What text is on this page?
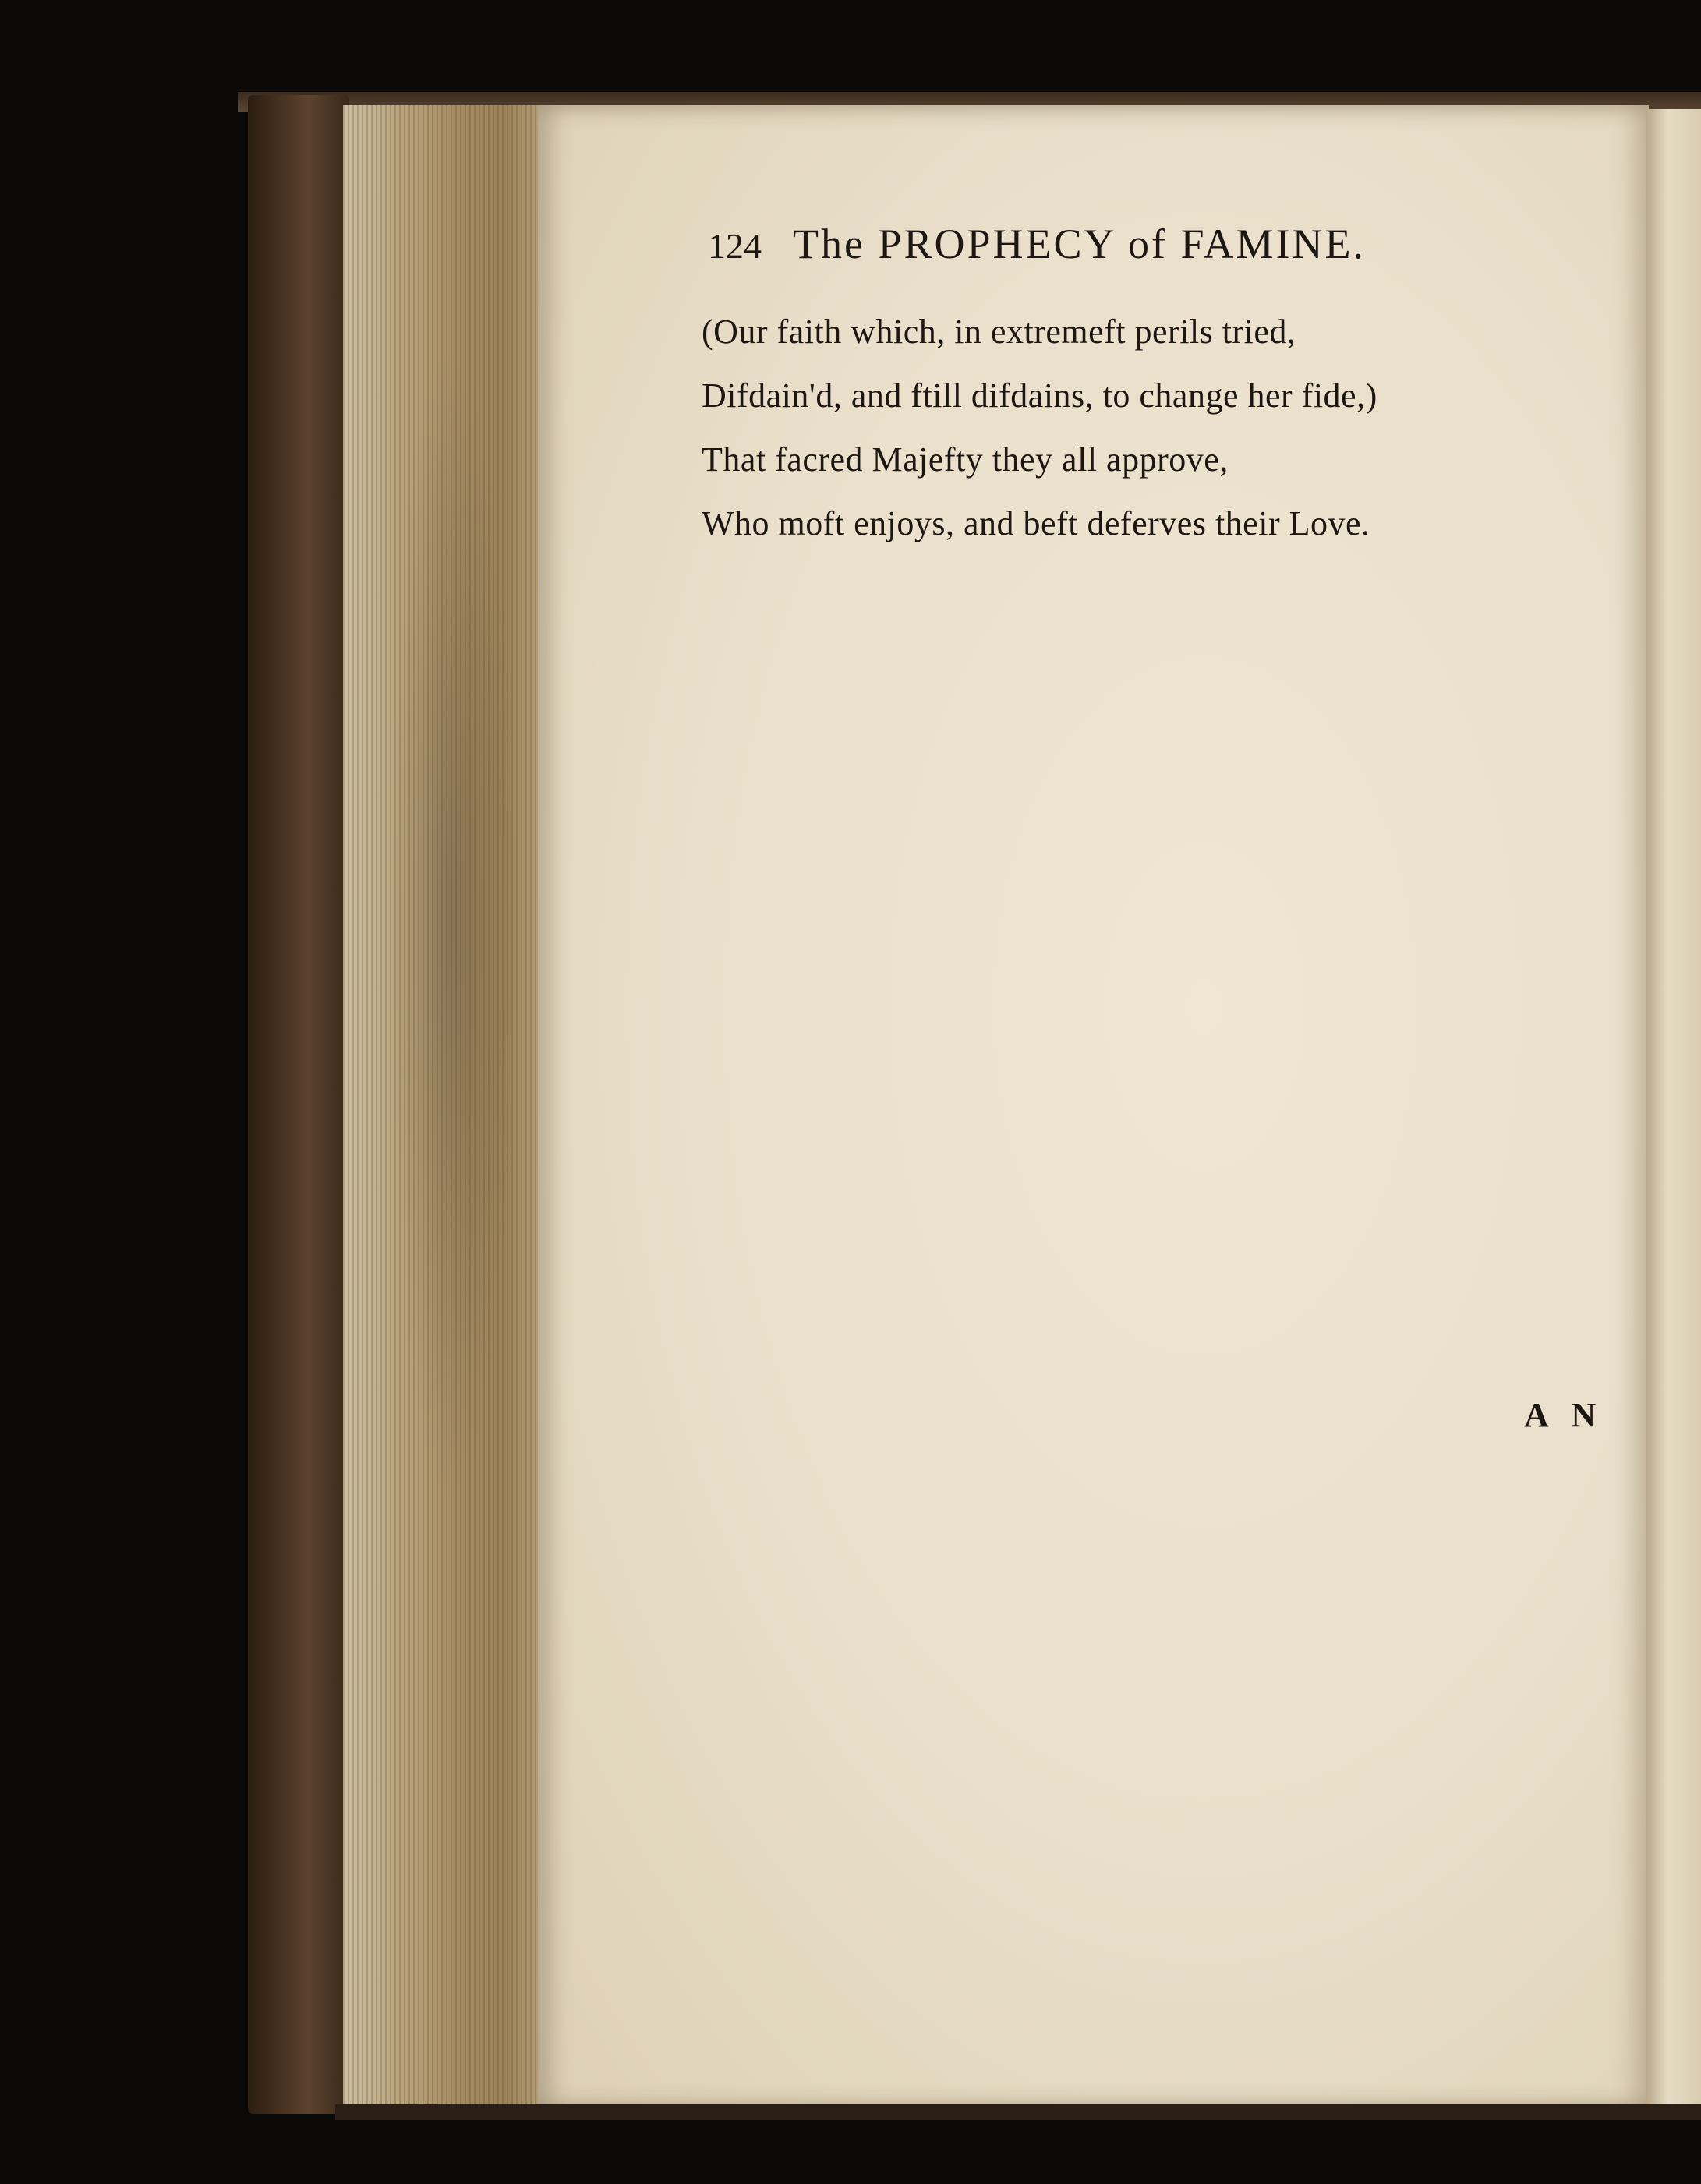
124 The PROPHECY of FAMINE.
(Our faith which, in extremeft perils tried,
Difdain'd, and ftill difdains, to change her fide,)
That facred Majefty they all approve,
Who moft enjoys, and beft deferves their Love.
A N
